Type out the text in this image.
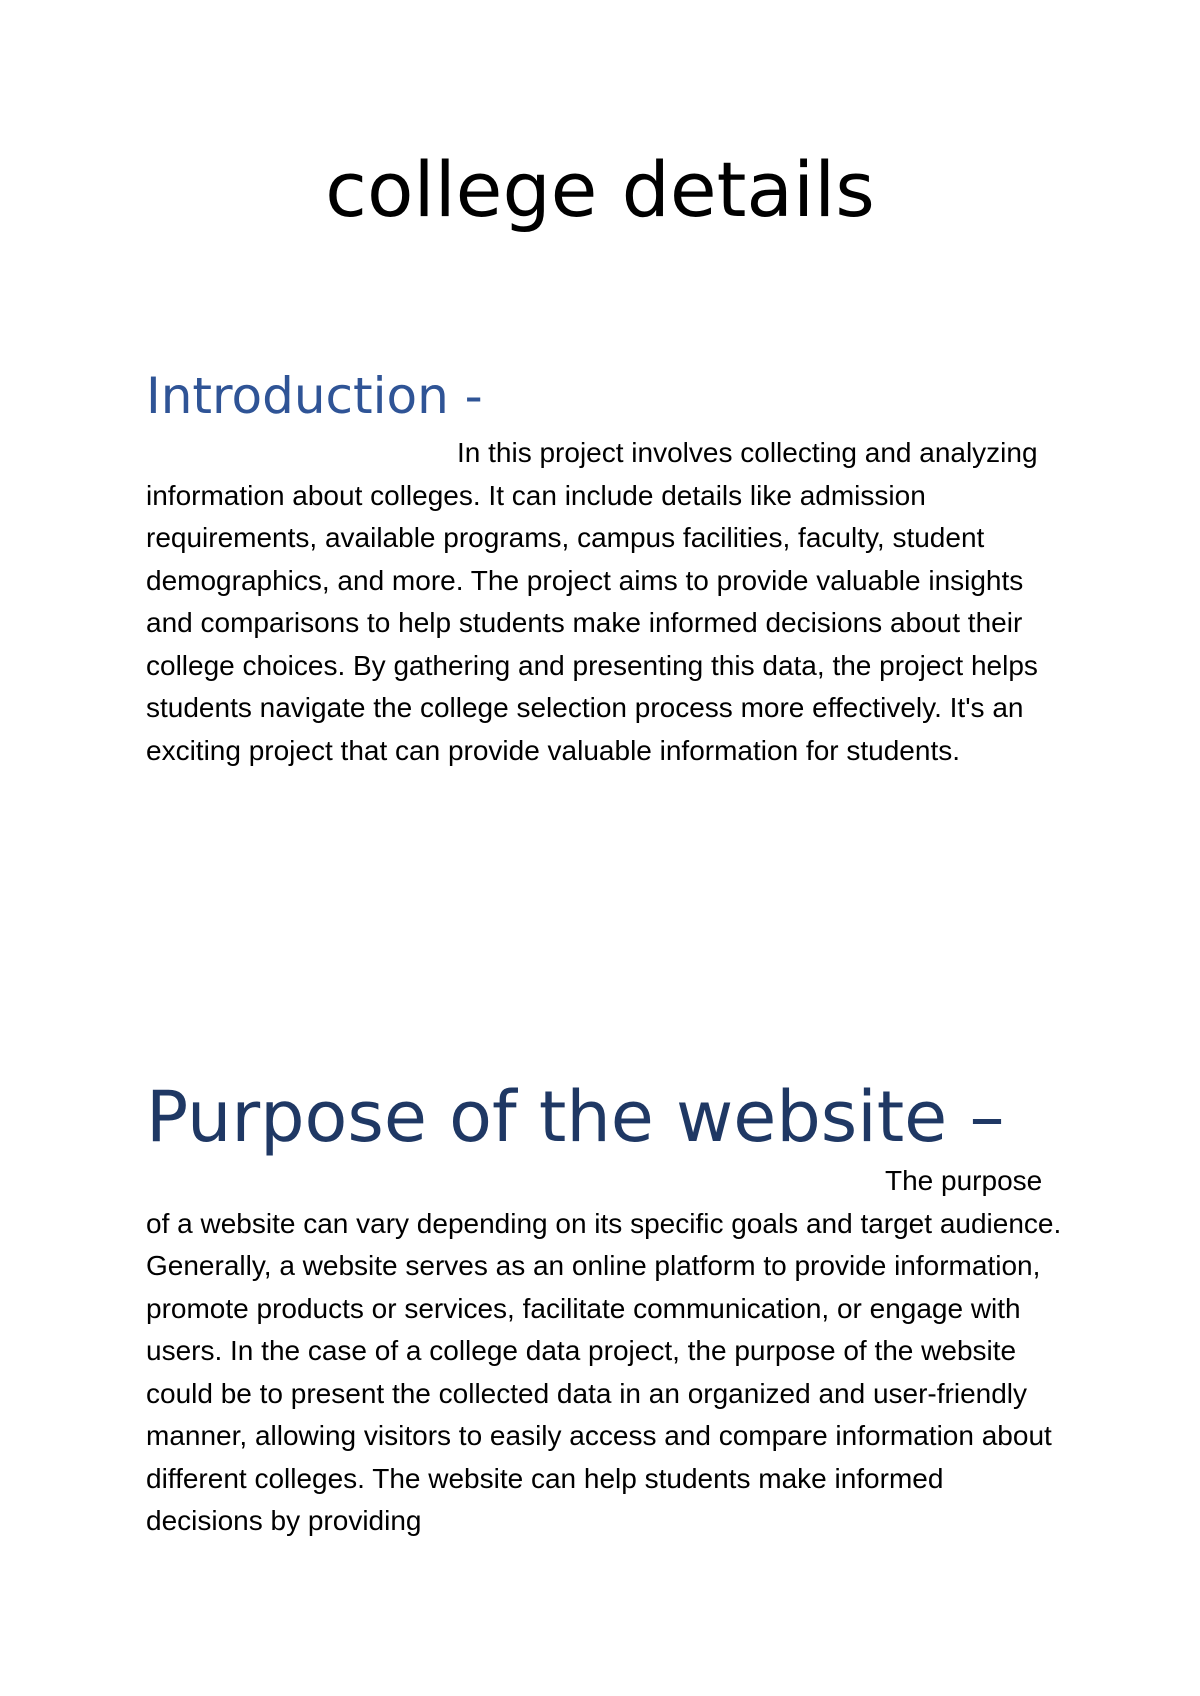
college details
Introduction -

In this project involves collecting and analyzing information about colleges. It can include details like admission requirements, available programs, campus facilities, faculty, student demographics, and more. The project aims to provide valuable insights and comparisons to help students make informed decisions about their college choices. By gathering and presenting this data, the project helps students navigate the college selection process more effectively. It's an exciting project that can provide valuable information for students.

Purpose of the website –

The purpose of a website can vary depending on its specific goals and target audience. Generally, a website serves as an online platform to provide information, promote products or services, facilitate communication, or engage with users. In the case of a college data project, the purpose of the website could be to present the collected data in an organized and user-friendly manner, allowing visitors to easily access and compare information about different colleges. The website can help students make informed decisions by providing
